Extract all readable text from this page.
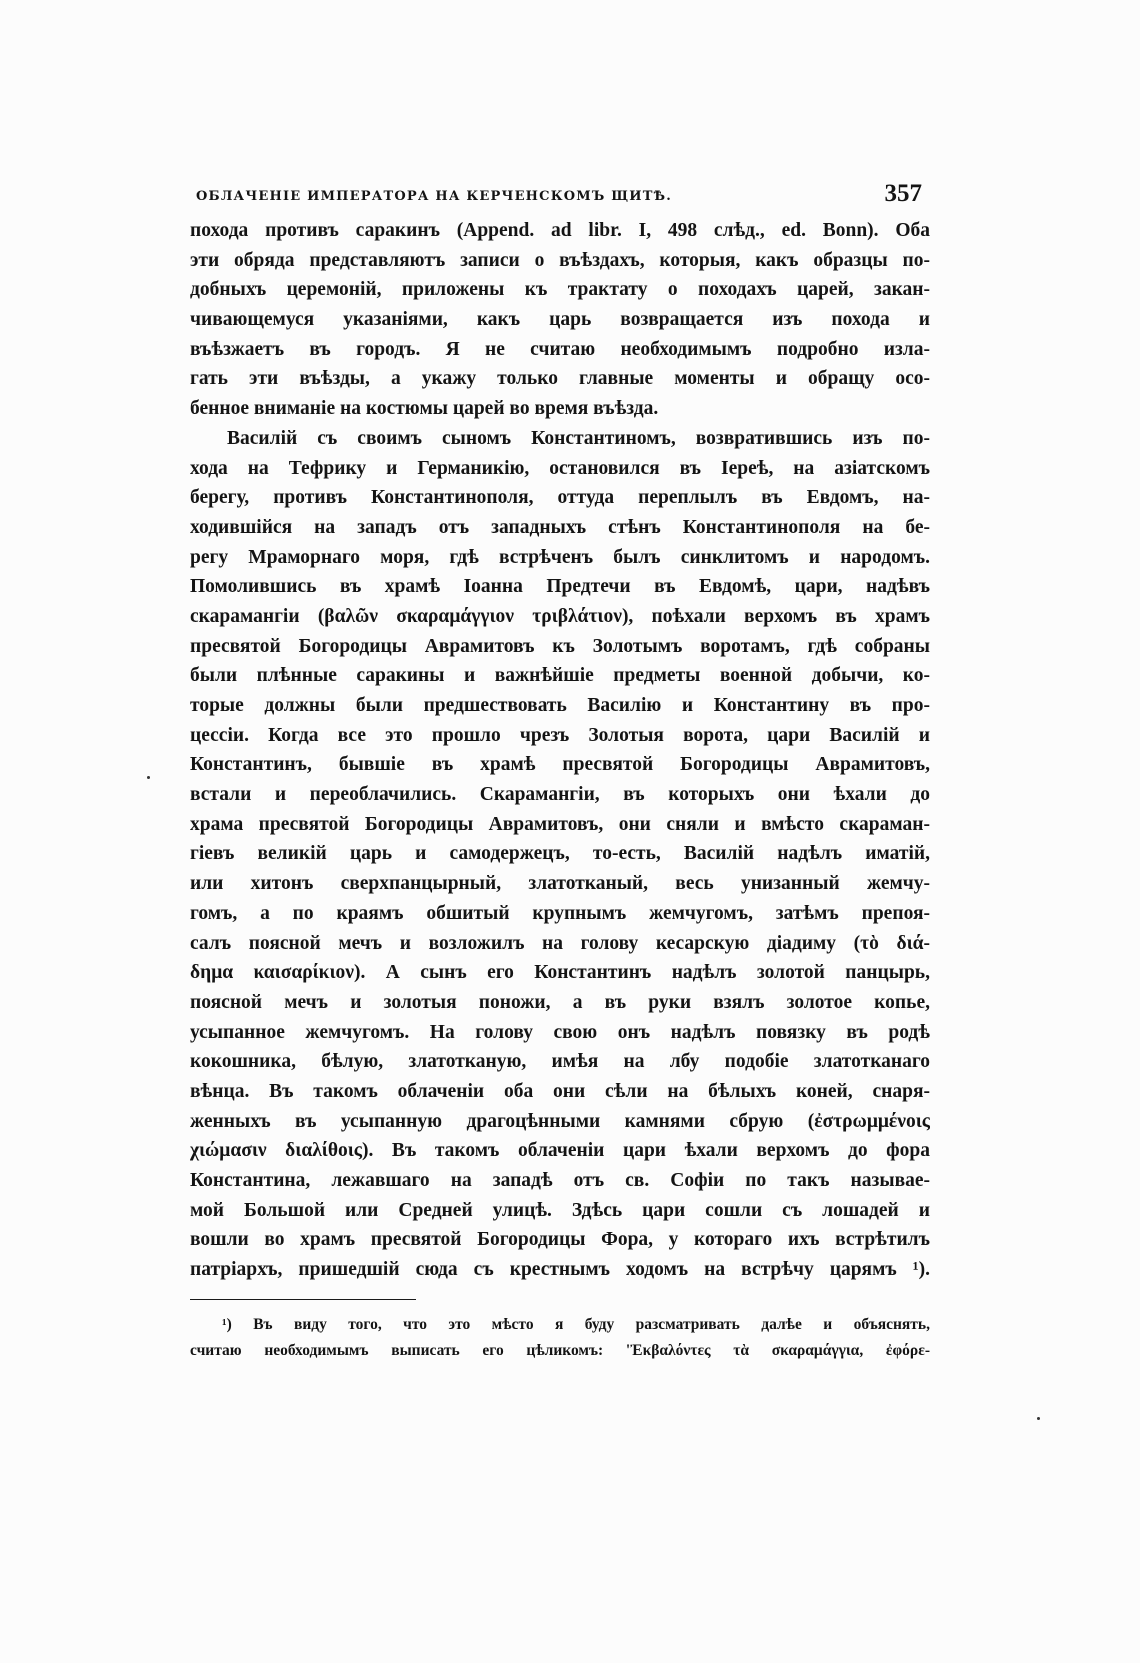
ОБЛАЧЕНІЕ ИМПЕРАТОРА НА КЕРЧЕНСКОМЪ ЩИТѢ.	357
похода противъ саракинъ (Append. ad libr. I, 498 слѣд., ed. Bonn). Оба
эти обряда представляютъ записи о въѣздахъ, которыя, какъ образцы по-
добныхъ церемоній, приложены къ трактату о походахъ царей, закан-
чивающемуся указаніями, какъ царь возвращается изъ похода и
въѣзжаетъ въ городъ. Я не считаю необходимымъ подробно изла-
гать эти въѣзды, а укажу только главные моменты и обращу осо-
бенное вниманіе на костюмы царей во время въѣзда.
Василій съ своимъ сыномъ Константиномъ, возвратившись изъ по-
хода на Тефрику и Германикію, остановился въ Іереѣ, на азіатскомъ
берегу, противъ Константинополя, оттуда переплылъ въ Евдомъ, на-
ходившійся на западъ отъ западныхъ стѣнъ Константинополя на бе-
регу Мраморнаго моря, гдѣ встрѣченъ былъ синклитомъ и народомъ.
Помолившись въ храмѣ Іоанна Предтечи въ Евдомѣ, цари, надѣвъ
скарамангіи (βαλῶν σκαραμάγγιον τριβλάτιον), поѣхали верхомъ въ храмъ
пресвятой Богородицы Аврамитовъ къ Золотымъ воротамъ, гдѣ собраны
были плѣнные саракины и важнѣйшіе предметы военной добычи, ко-
торые должны были предшествовать Василію и Константину въ про-
цессіи. Когда все это прошло чрезъ Золотыя ворота, цари Василій и
Константинъ, бывшіе въ храмѣ пресвятой Богородицы Аврамитовъ,
встали и переоблачились. Скарамангіи, въ которыхъ они ѣхали до
храма пресвятой Богородицы Аврамитовъ, они сняли и вмѣсто скараман-
гіевъ великій царь и самодержецъ, то-есть, Василій надѣлъ иматій,
или хитонъ сверхпанцырный, златотканый, весь унизанный жемчу-
гомъ, а по краямъ обшитый крупнымъ жемчугомъ, затѣмъ препоя-
салъ поясной мечъ и возложилъ на голову кесарскую діадиму (τὸ διά-
δημα καισαρίκιον). А сынъ его Константинъ надѣлъ золотой панцырь,
поясной мечъ и золотыя поножи, а въ руки взялъ золотое копье,
усыпанное жемчугомъ. На голову свою онъ надѣлъ повязку въ родѣ
кокошника, бѣлую, златотканую, имѣя на лбу подобіе златотканаго
вѣнца. Въ такомъ облаченіи оба они сѣли на бѣлыхъ коней, снаря-
женныхъ въ усыпанную драгоцѣнными камнями сбрую (ἐστρωμμένοις
χιώμασιν διαλίθοις). Въ такомъ облаченіи цари ѣхали верхомъ до фора
Константина, лежавшаго на западѣ отъ св. Софіи по такъ называе-
мой Большой или Средней улицѣ. Здѣсь цари сошли съ лошадей и
вошли во храмъ пресвятой Богородицы Фора, у котораго ихъ встрѣтилъ
патріархъ, пришедшій сюда съ крестнымъ ходомъ на встрѣчу царямъ ¹).
¹) Въ виду того, что это мѣсто я буду разсматривать далѣе и объяснять,
считаю необходимымъ выписать его цѣликомъ: 'Ἐκβαλόντες τὰ σκαραμάγγια, ἐφόρε-
